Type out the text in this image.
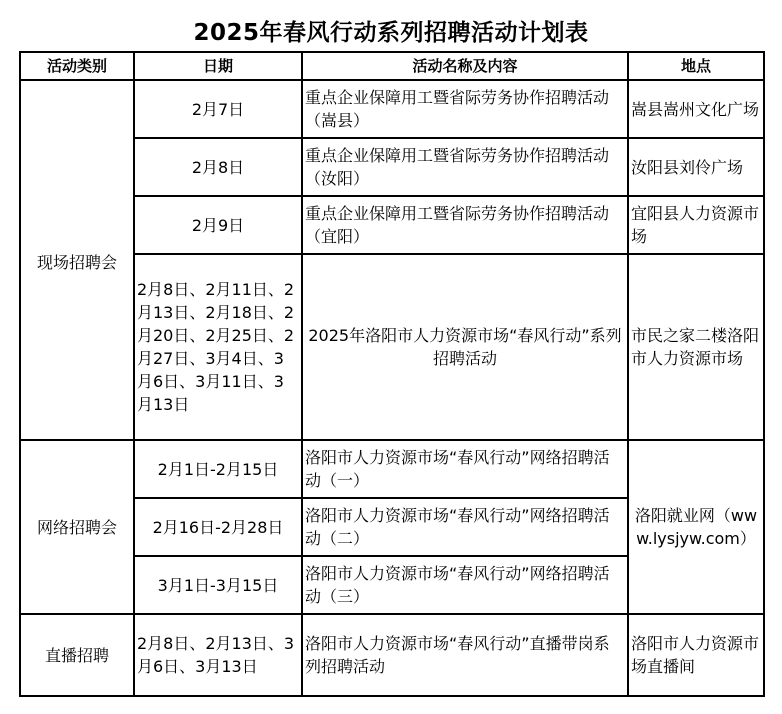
2025年春风行动系列招聘活动计划表
活动类别	日期	活动名称及内容	地点
现场招聘会	2月7日	重点企业保障用工暨省际劳务协作招聘活动（嵩县）	嵩县嵩州文化广场
	2月8日	重点企业保障用工暨省际劳务协作招聘活动（汝阳）	汝阳县刘伶广场
	2月9日	重点企业保障用工暨省际劳务协作招聘活动（宜阳）	宜阳县人力资源市场
	2月8日、2月11日、2月13日、2月18日、2月20日、2月25日、2月27日、3月4日、3月6日、3月11日、3月13日	2025年洛阳市人力资源市场“春风行动”系列招聘活动	市民之家二楼洛阳市人力资源市场
网络招聘会	2月1日-2月15日	洛阳市人力资源市场“春风行动”网络招聘活动（一）	洛阳就业网（www.lysjyw.com）
	2月16日-2月28日	洛阳市人力资源市场“春风行动”网络招聘活动（二）	
	3月1日-3月15日	洛阳市人力资源市场“春风行动”网络招聘活动（三）	
直播招聘	2月8日、2月13日、3月6日、3月13日	洛阳市人力资源市场“春风行动”直播带岗系列招聘活动	洛阳市人力资源市场直播间
